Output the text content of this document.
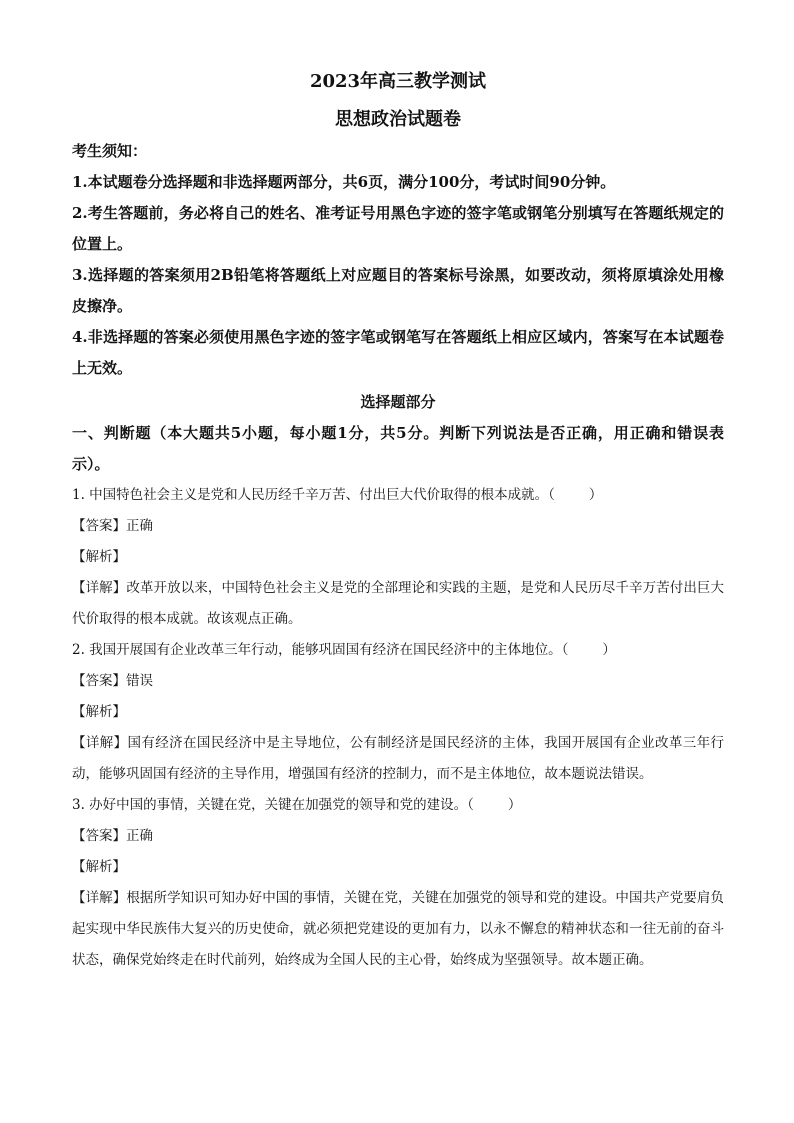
2023年高三教学测试
思想政治试题卷
考生须知：
1.本试题卷分选择题和非选择题两部分，共6页，满分100分，考试时间90分钟。
2.考生答题前，务必将自己的姓名、准考证号用黑色字迹的签字笔或钢笔分别填写在答题纸规定的位置上。
3.选择题的答案须用2B铅笔将答题纸上对应题目的答案标号涂黑，如要改动，须将原填涂处用橡皮擦净。
4.非选择题的答案必须使用黑色字迹的签字笔或钢笔写在答题纸上相应区域内，答案写在本试题卷上无效。
选择题部分
一、判断题（本大题共5小题，每小题1分，共5分。判断下列说法是否正确，用正确和错误表示）。
1. 中国特色社会主义是党和人民历经千辛万苦、付出巨大代价取得的根本成就。（	）
【答案】正确
【解析】
【详解】改革开放以来，中国特色社会主义是党的全部理论和实践的主题，是党和人民历尽千辛万苦付出巨大代价取得的根本成就。故该观点正确。
2. 我国开展国有企业改革三年行动，能够巩固国有经济在国民经济中的主体地位。（	）
【答案】错误
【解析】
【详解】国有经济在国民经济中是主导地位，公有制经济是国民经济的主体，我国开展国有企业改革三年行动，能够巩固国有经济的主导作用，增强国有经济的控制力，而不是主体地位，故本题说法错误。
3. 办好中国的事情，关键在党，关键在加强党的领导和党的建设。（	）
【答案】正确
【解析】
【详解】根据所学知识可知办好中国的事情，关键在党，关键在加强党的领导和党的建设。中国共产党要肩负起实现中华民族伟大复兴的历史使命，就必须把党建设的更加有力，以永不懈怠的精神状态和一往无前的奋斗状态，确保党始终走在时代前列，始终成为全国人民的主心骨，始终成为坚强领导。故本题正确。
